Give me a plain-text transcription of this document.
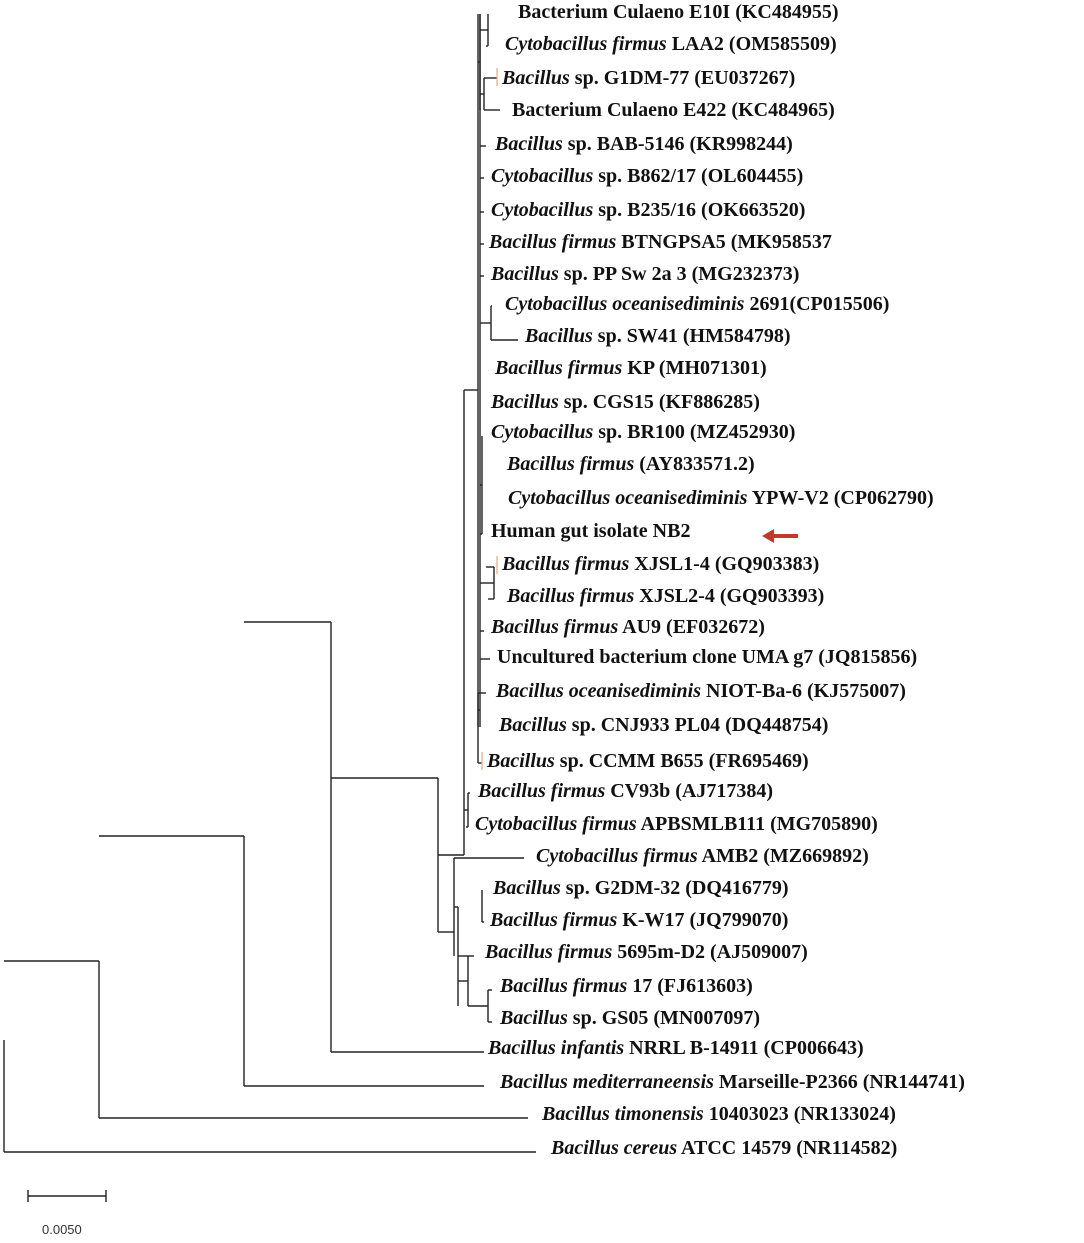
Bacterium Culaeno E10I (KC484955)
Cytobacillus firmus LAA2 (OM585509)
Bacillus sp. G1DM-77 (EU037267)
Bacterium Culaeno E422 (KC484965)
Bacillus sp. BAB-5146 (KR998244)
Cytobacillus sp. B862/17 (OL604455)
Cytobacillus sp. B235/16 (OK663520)
Bacillus firmus BTNGPSA5 (MK958537
Bacillus sp. PP Sw 2a 3 (MG232373)
Cytobacillus oceanisediminis 2691(CP015506)
Bacillus sp. SW41 (HM584798)
Bacillus firmus KP (MH071301)
Bacillus sp. CGS15 (KF886285)
Cytobacillus sp. BR100 (MZ452930)
Bacillus firmus (AY833571.2)
Cytobacillus oceanisediminis YPW-V2 (CP062790)
Human gut isolate NB2
Bacillus firmus XJSL1-4 (GQ903383)
Bacillus firmus XJSL2-4 (GQ903393)
Bacillus firmus AU9 (EF032672)
Uncultured bacterium clone UMA g7 (JQ815856)
Bacillus oceanisediminis NIOT-Ba-6 (KJ575007)
Bacillus sp. CNJ933 PL04 (DQ448754)
Bacillus sp. CCMM B655 (FR695469)
Bacillus firmus CV93b (AJ717384)
Cytobacillus firmus APBSMLB111 (MG705890)
Cytobacillus firmus AMB2 (MZ669892)
Bacillus sp. G2DM-32 (DQ416779)
Bacillus firmus K-W17 (JQ799070)
Bacillus firmus 5695m-D2 (AJ509007)
Bacillus firmus 17 (FJ613603)
Bacillus sp. GS05 (MN007097)
Bacillus infantis NRRL B-14911 (CP006643)
Bacillus mediterraneensis Marseille-P2366 (NR144741)
Bacillus timonensis 10403023 (NR133024)
Bacillus cereus ATCC 14579 (NR114582)
0.0050
